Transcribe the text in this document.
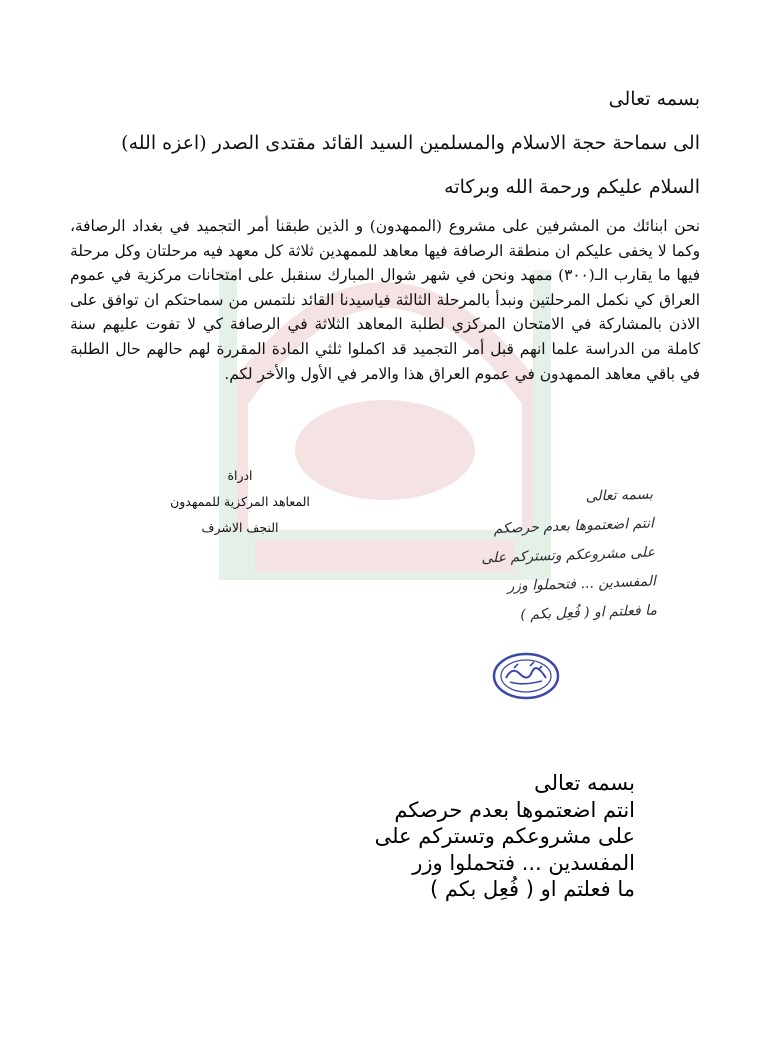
بسمه تعالى
الى سماحة حجة الاسلام والمسلمين السيد القائد مقتدى الصدر (اعزه الله)
السلام عليكم ورحمة الله وبركاته
نحن ابنائك من المشرفين على مشروع (الممهدون) و الذين طبقنا أمر التجميد في بغداد الرصافة، وكما لا يخفى عليكم ان منطقة الرصافة فيها معاهد للممهدين ثلاثة كل معهد فيه مرحلتان وكل مرحلة فيها ما يقارب الـ(٣٠٠) ممهد ونحن في شهر شوال المبارك سنقبل على امتحانات مركزية في عموم العراق كي نكمل المرحلتين ونبدأ بالمرحلة الثالثة فياسيدنا القائد نلتمس من سماحتكم ان توافق على الاذن بالمشاركة في الامتحان المركزي لطلبة المعاهد الثلاثة في الرصافة كي لا تفوت عليهم سنة كاملة من الدراسة علما انهم قبل أمر التجميد قد اكملوا ثلثي المادة المقررة لهم حالهم حال الطلبة في باقي معاهد الممهدون في عموم العراق هذا والامر في الأول والأخر لكم.
ادراة
المعاهد المركزية للممهدون
النجف الاشرف
بسمه تعالى
انتم اضعتموها بعدم حرصكم
على مشروعكم وتستركم على
المفسدين ... فتحملوا وزر
ما فعلتم او ( فُعِل بكم )
بسمه تعالى
انتم اضعتموها بعدم حرصكم
على مشروعكم وتستركم على
المفسدين ... فتحملوا وزر
ما فعلتم او ( فُعِل بكم )
